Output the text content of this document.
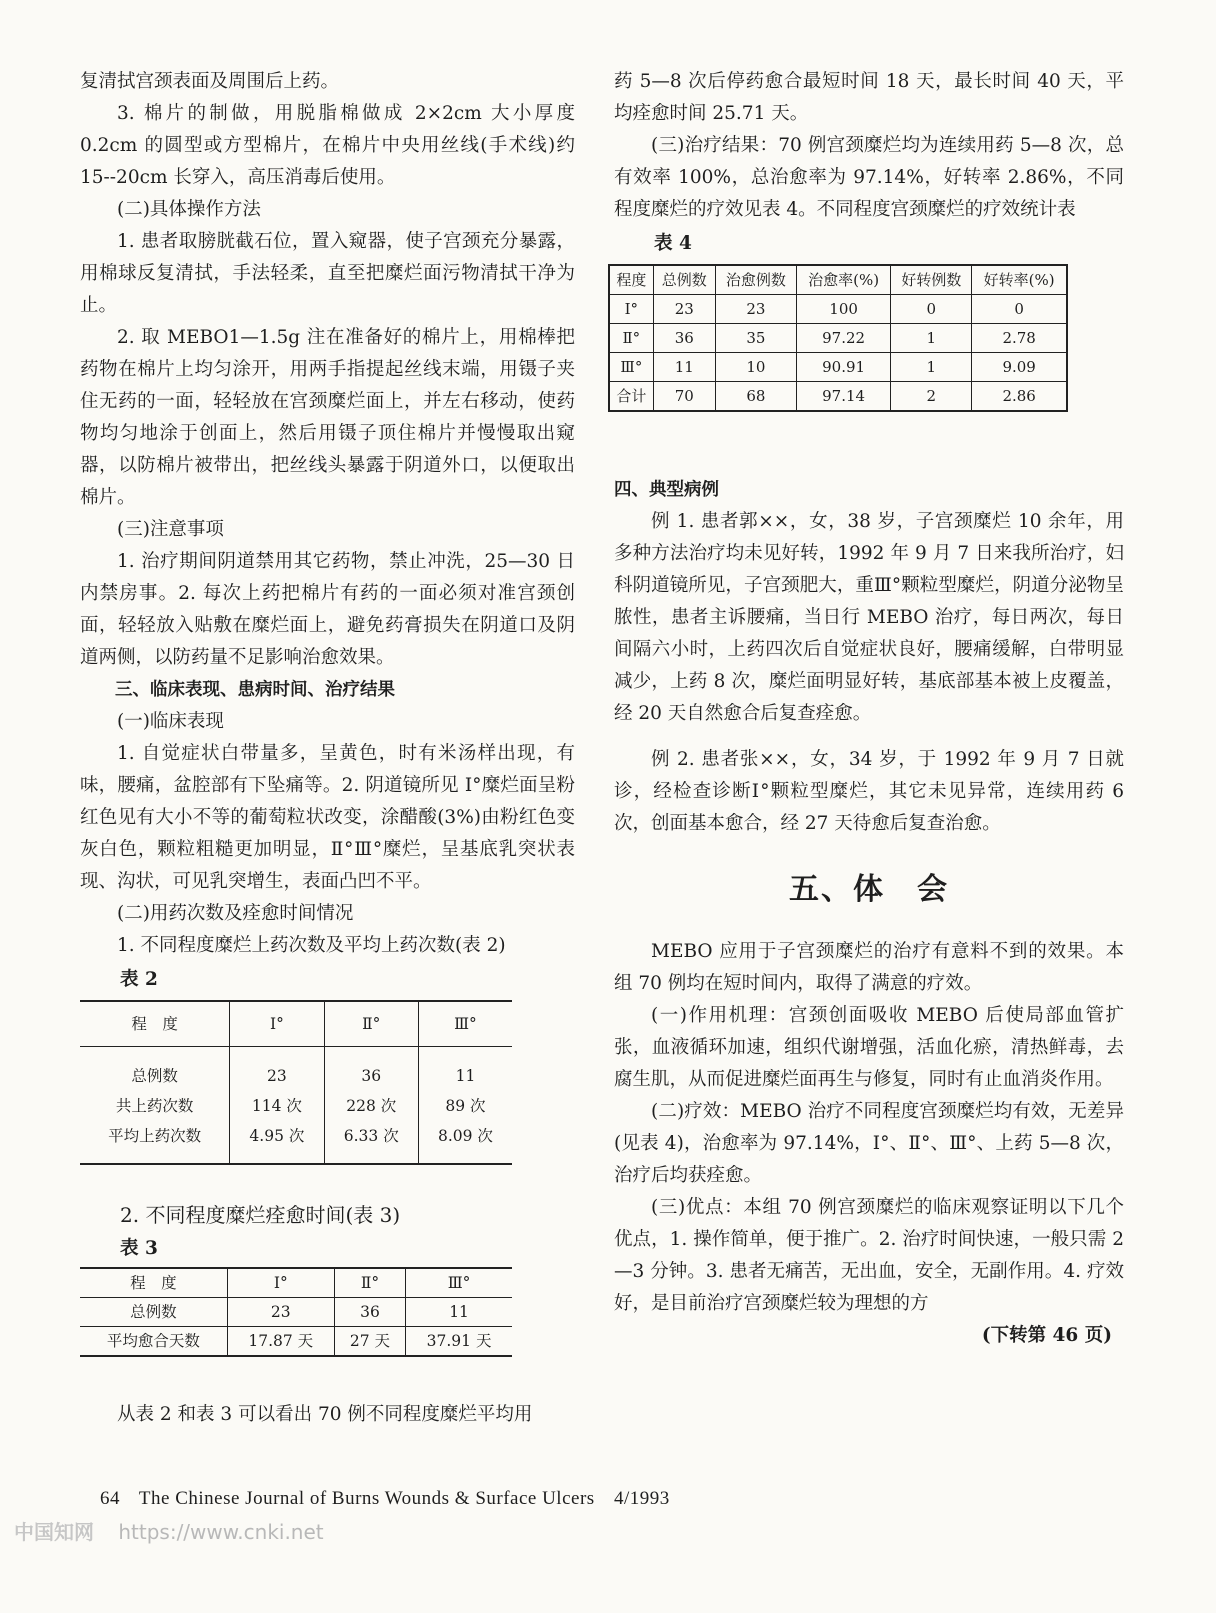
复清拭宫颈表面及周围后上药。

3. 棉片的制做，用脱脂棉做成 2×2cm 大小厚度 0.2cm 的圆型或方型棉片，在棉片中央用丝线(手术线)约 15--20cm 长穿入，高压消毒后使用。

(二)具体操作方法

1. 患者取膀胱截石位，置入窥器，使子宫颈充分暴露，用棉球反复清拭，手法轻柔，直至把糜烂面污物清拭干净为止。

2. 取 MEBO1—1.5g 注在准备好的棉片上，用棉棒把药物在棉片上均匀涂开，用两手指提起丝线末端，用镊子夹住无药的一面，轻轻放在宫颈糜烂面上，并左右移动，使药物均匀地涂于创面上，然后用镊子顶住棉片并慢慢取出窥器，以防棉片被带出，把丝线头暴露于阴道外口，以便取出棉片。

(三)注意事项

1. 治疗期间阴道禁用其它药物，禁止冲洗，25—30 日内禁房事。2. 每次上药把棉片有药的一面必须对准宫颈创面，轻轻放入贴敷在糜烂面上，避免药膏损失在阴道口及阴道两侧，以防药量不足影响治愈效果。

三、临床表现、患病时间、治疗结果

(一)临床表现

1. 自觉症状白带量多，呈黄色，时有米汤样出现，有味，腰痛，盆腔部有下坠痛等。2. 阴道镜所见 Ⅰ°糜烂面呈粉红色见有大小不等的葡萄粒状改变，涂醋酸(3%)由粉红色变灰白色，颗粒粗糙更加明显，Ⅱ°Ⅲ°糜烂，呈基底乳突状表现、沟状，可见乳突增生，表面凸凹不平。

(二)用药次数及痊愈时间情况

1. 不同程度糜烂上药次数及平均上药次数(表 2)

表 2

程　度	Ⅰ°	Ⅱ°	Ⅲ°
总例数	23	36	11
共上药次数	114 次	228 次	89 次
平均上药次数	4.95 次	6.33 次	8.09 次

2. 不同程度糜烂痊愈时间(表 3)

表 3

程　度	Ⅰ°	Ⅱ°	Ⅲ°
总例数	23	36	11
平均愈合天数	17.87 天	27 天	37.91 天

从表 2 和表 3 可以看出 70 例不同程度糜烂平均用

药 5—8 次后停药愈合最短时间 18 天，最长时间 40 天，平均痊愈时间 25.71 天。

(三)治疗结果：70 例宫颈糜烂均为连续用药 5—8 次，总有效率 100%，总治愈率为 97.14%，好转率 2.86%，不同程度糜烂的疗效见表 4。不同程度宫颈糜烂的疗效统计表

表 4

程度	总例数	治愈例数	治愈率(%)	好转例数	好转率(%)
Ⅰ°	23	23	100	0	0
Ⅱ°	36	35	97.22	1	2.78
Ⅲ°	11	10	90.91	1	9.09
合计	70	68	97.14	2	2.86

四、典型病例

例 1. 患者郭××，女，38 岁，子宫颈糜烂 10 余年，用多种方法治疗均未见好转，1992 年 9 月 7 日来我所治疗，妇科阴道镜所见，子宫颈肥大，重Ⅲ°颗粒型糜烂，阴道分泌物呈脓性，患者主诉腰痛，当日行 MEBO 治疗，每日两次，每日间隔六小时，上药四次后自觉症状良好，腰痛缓解，白带明显减少，上药 8 次，糜烂面明显好转，基底部基本被上皮覆盖，经 20 天自然愈合后复查痊愈。

例 2. 患者张××，女，34 岁，于 1992 年 9 月 7 日就诊，经检查诊断Ⅰ°颗粒型糜烂，其它未见异常，连续用药 6 次，创面基本愈合，经 27 天待愈后复查治愈。

五、体　会

MEBO 应用于子宫颈糜烂的治疗有意料不到的效果。本组 70 例均在短时间内，取得了满意的疗效。

(一)作用机理：宫颈创面吸收 MEBO 后使局部血管扩张，血液循环加速，组织代谢增强，活血化瘀，清热鲜毒，去腐生肌，从而促进糜烂面再生与修复，同时有止血消炎作用。

(二)疗效：MEBO 治疗不同程度宫颈糜烂均有效，无差异(见表 4)，治愈率为 97.14%，Ⅰ°、Ⅱ°、Ⅲ°、上药 5—8 次，治疗后均获痊愈。

(三)优点：本组 70 例宫颈糜烂的临床观察证明以下几个优点，1. 操作简单，便于推广。2. 治疗时间快速，一般只需 2—3 分钟。3. 患者无痛苦，无出血，安全，无副作用。4. 疗效好，是目前治疗宫颈糜烂较为理想的方

(下转第 46 页)

64 The Chinese Journal of Burns Wounds & Surface Ulcers 4/1993
中国知网 https://www.cnki.net
